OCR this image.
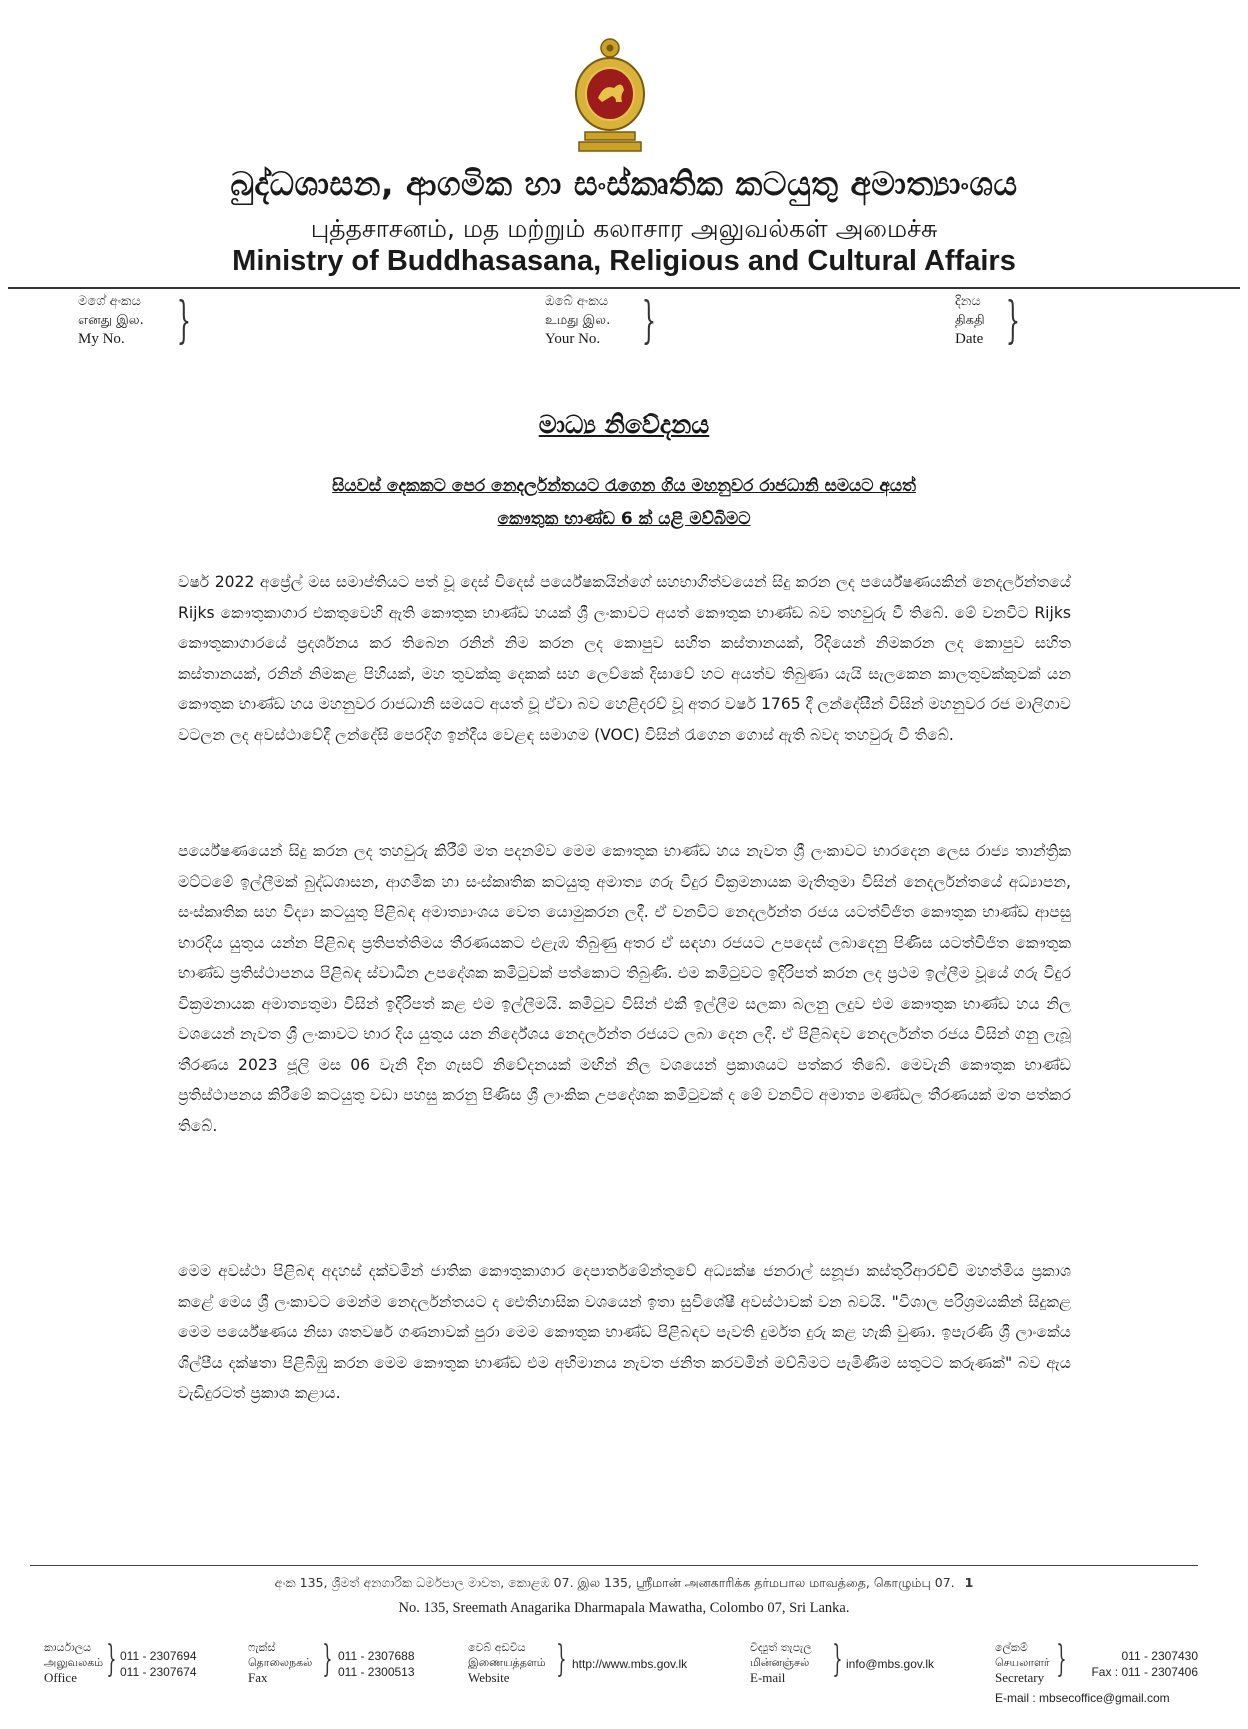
බුද්ධශාසන, ආගමික හා සංස්කෘතික කටයුතු අමාත්‍යාංශය
புத்தசாசனம், மத மற்றும் கலாசார அலுவல்கள் அமைச்சு
Ministry of Buddhasasana, Religious and Cultural Affairs
මගේ අංකය
எனது இல.
My No.	}	ඔබේ අංකය
உமது இல.
Your No. }	දිනය
திகதி
Date }
මාධ්‍ය නිවේදනය
සියවස් දෙකකට පෙර නෙදර්ලන්තයට රැගෙන ගිය මහනුවර රාජධානි සමයට අයත්
කෞතුක භාණ්ඩ 6 ක් යළි මව්බිමට
වර්ෂ 2022 අප්‍රේල් මස සමාප්තියට පත් වූ දෙස් විදෙස් පර්යේෂකයින්ගේ සහභාගිත්වයෙන් සිදු කරන ලද පර්යේෂණයකින් නෙදර්ලන්තයේ Rijks කෞතුකාගාර එකතුවෙහි ඇති කෞතුක භාණ්ඩ හයක් ශ්‍රී ලංකාවට අයත් කෞතුක භාණ්ඩ බව තහවුරු වී තිබේ. මේ වනවිට Rijks කෞතුකාගාරයේ ප්‍රදර්ශනය කර තිබෙන රනින් නිම කරන ලද කොපුව සහිත කස්තානයක්, රිදියෙන් නිමකරන ලද කොපුව සහිත කස්තානයක්, රනින් නිමකළ පිහියක්, මහ තුවක්කු දෙකක් සහ ලෙව්කේ දිසාවේ හට අයත්ව තිබුණා යැයි සැලකෙන කාලතුවක්කුවක් යන කෞතුක භාණ්ඩ හය මහනුවර රාජධානි සමයට අයත් වූ ඒවා බව හෙළිදරව් වූ අතර වර්ෂ 1765 දී ලන්දේසීන් විසින් මහනුවර රජ මාලිගාව වටලන ලද අවස්ථාවේදී ලන්දේසි පෙරදිග ඉන්දීය වෙළඳ සමාගම (VOC) විසින් රැගෙන ගොස් ඇති බවද තහවුරු වී තිබේ.
පර්යේෂණයෙන් සිදු කරන ලද තහවුරු කිරීම් මත පදනම්ව මෙම කෞතුක භාණ්ඩ හය නැවත ශ්‍රී ලංකාවට භාරදෙන ලෙස රාජ්‍ය තාන්ත්‍රික මට්ටමේ ඉල්ලීමක් බුද්ධශාසන, ආගමික හා සංස්කෘතික කටයුතු අමාත්‍ය ගරු විදුර වික්‍රමනායක මැතිතුමා විසින් නෙදර්ලන්තයේ අධ්‍යාපන, සංස්කෘතික සහ විද්‍යා කටයුතු පිළිබඳ අමාත්‍යාංශය වෙත යොමුකරන ලදී. ඒ වනවිට නෙදර්ලන්ත රජය යටත්විජිත කෞතුක භාණ්ඩ ආපසු භාරදිය යුතුය යන්න පිළිබඳ ප්‍රතිපත්තිමය තීරණයකට එළැඹ තිබුණු අතර ඒ සඳහා රජයට උපදෙස් ලබාදෙනු පිණිස යටත්විජිත කෞතුක භාණ්ඩ ප්‍රතිස්ථාපනය පිළිබඳ ස්වාධීන උපදේශක කමිටුවක් පත්කොට තිබුණි. එම කමිටුවට ඉදිරිපත් කරන ලද ප්‍රථම ඉල්ලීම වූයේ ගරු විදුර වික්‍රමනායක අමාත්‍යතුමා විසින් ඉදිරිපත් කළ එම ඉල්ලීමයි. කමිටුව විසින් එකී ඉල්ලීම සලකා බලනු ලදුව එම කෞතුක භාණ්ඩ හය නිල වශයෙන් නැවත ශ්‍රී ලංකාවට භාර දිය යුතුය යන නිර්දේශය නෙදර්ලන්ත රජයට ලබා දෙන ලදී. ඒ පිළිබඳව නෙදර්ලන්ත රජය විසින් ගනු ලැබූ තීරණය 2023 ජූලි මස 06 වැනි දින ගැසට් නිවේදනයක් මඟින් නිල වශයෙන් ප්‍රකාශයට පත්කර තිබේ. මෙවැනි කෞතුක භාණ්ඩ ප්‍රතිස්ථාපනය කිරීමේ කටයුතු වඩා පහසු කරනු පිණිස ශ්‍රී ලාංකික උපදේශක කමිටුවක් ද මේ වනවිට අමාත්‍ය මණ්ඩල තීරණයක් මත පත්කර තිබේ.
මෙම අවස්ථා පිළිබඳ අදහස් දක්වමින් ජාතික කෞතුකාගාර දෙපාර්තමේන්තුවේ අධ්‍යක්ෂ ජනරාල් සනූජා කස්තුරිආරච්චි මහත්මිය ප්‍රකාශ කළේ මෙය ශ්‍රී ලංකාවට මෙන්ම නෙදර්ලන්තයට ද ඓතිහාසික වශයෙන් ඉතා සුවිශේෂී අවස්ථාවක් වන බවයි. "විශාල පරිශ්‍රමයකින් සිදුකළ මෙම පර්යේෂණය නිසා ශතවර්ෂ ගණනාවක් පුරා මෙම කෞතුක භාණ්ඩ පිළිබඳව පැවති දුර්මත දුරු කළ හැකි වුණා. ඉපැරණි ශ්‍රී ලාංකේය ශිල්පීය දක්ෂතා පිළිබිඹු කරන මෙම කෞතුක භාණ්ඩ එම අභිමානය නැවත ජනිත කරවමින් මව්බිමට පැමිණීම සතුටට කරුණක්" බව ඇය වැඩිදුරටත් ප්‍රකාශ කළාය.
අංක 135, ශ්‍රීමත් අනගාරික ධර්මපාල මාවත, කොළඹ 07. இல 135, ஸ்ரீமான் அனகாரிக்க தர்மபால மாவத்தை, கொழும்பு 07. 1
No. 135, Sreemath Anagarika Dharmapala Mawatha, Colombo 07, Sri Lanka.
කාර්යාලය
அலுவலகம்
Office } 011 - 2307694
011 - 2307674
ෆැක්ස්
தொலைநகல்
Fax	} 011 - 2307688
011 - 2300513
වෙබ් අඩවිය
இணையத்தளம்
Website	} http://www.mbs.gov.lk
විද්‍යුත් තැපැල
மின்னஞ்சல்
E-mail	} info@mbs.gov.lk
ලේකම්
செயலாளர்
Secretary }	011 - 2307430
Fax : 011 - 2307406
E-mail : mbsecoffice@gmail.com
